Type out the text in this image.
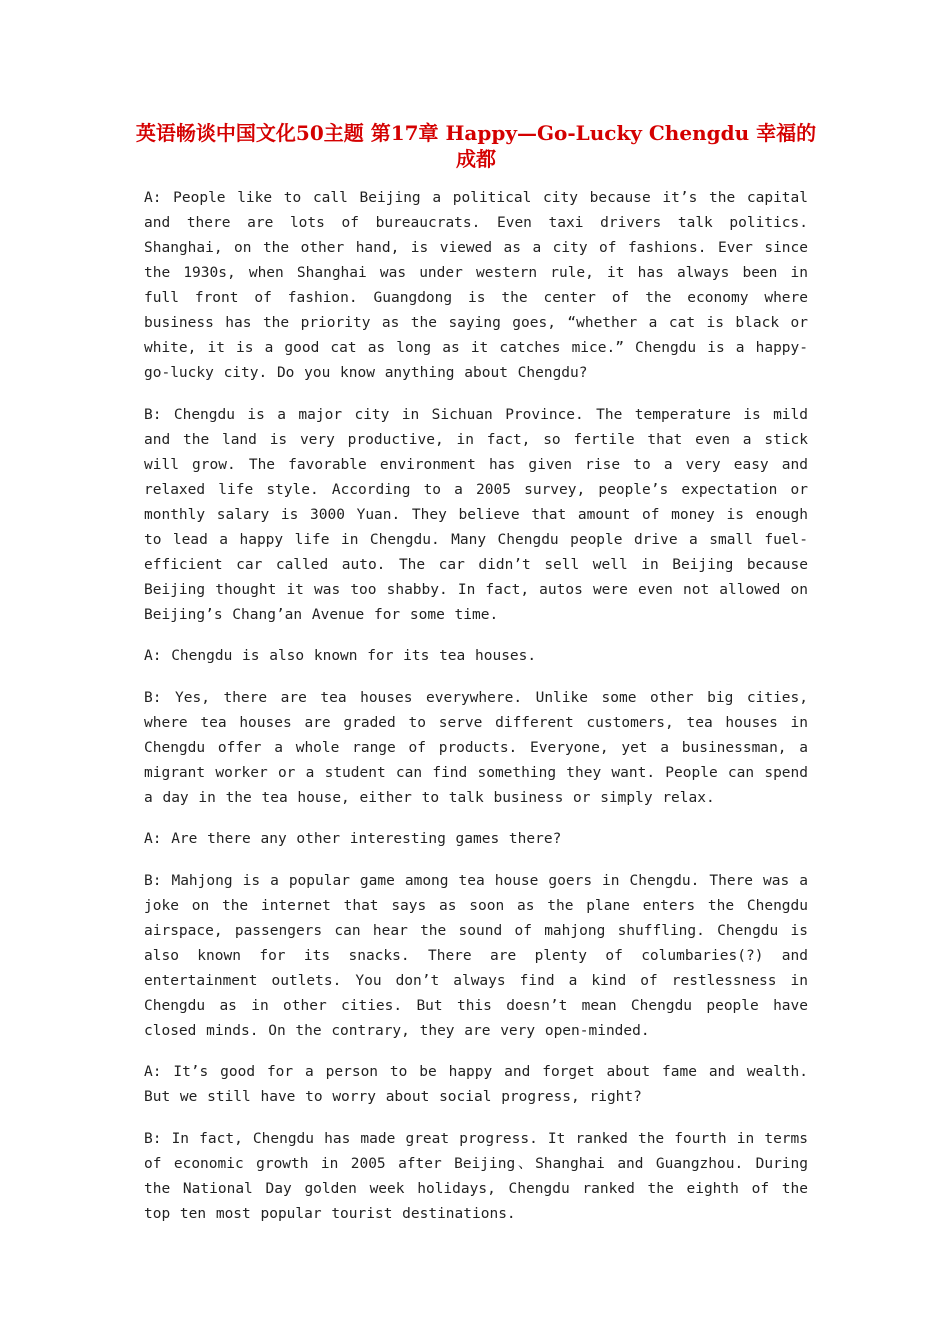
英语畅谈中国文化50主题 第17章 Happy—Go-Lucky Chengdu 幸福的成都

A: People like to call Beijing a political city because it’s the capital and there are lots of bureaucrats. Even taxi drivers talk politics. Shanghai, on the other hand, is viewed as a city of fashions. Ever since the 1930s, when Shanghai was under western rule, it has always been in full front of fashion. Guangdong is the center of the economy where business has the priority as the saying goes, “whether a cat is black or white, it is a good cat as long as it catches mice.” Chengdu is a happy-go-lucky city. Do you know anything about Chengdu?

B: Chengdu is a major city in Sichuan Province. The temperature is mild and the land is very productive, in fact, so fertile that even a stick will grow. The favorable environment has given rise to a very easy and relaxed life style. According to a 2005 survey, people’s expectation or monthly salary is 3000 Yuan. They believe that amount of money is enough to lead a happy life in Chengdu. Many Chengdu people drive a small fuel-efficient car called auto. The car didn’t sell well in Beijing because Beijing thought it was too shabby. In fact, autos were even not allowed on Beijing’s Chang’an Avenue for some time.

A: Chengdu is also known for its tea houses.

B: Yes, there are tea houses everywhere. Unlike some other big cities, where tea houses are graded to serve different customers, tea houses in Chengdu offer a whole range of products. Everyone, yet a businessman, a migrant worker or a student can find something they want. People can spend a day in the tea house, either to talk business or simply relax.

A: Are there any other interesting games there?

B: Mahjong is a popular game among tea house goers in Chengdu. There was a joke on the internet that says as soon as the plane enters the Chengdu airspace, passengers can hear the sound of mahjong shuffling. Chengdu is also known for its snacks. There are plenty of columbaries(?) and entertainment outlets. You don’t always find a kind of restlessness in Chengdu as in other cities. But this doesn’t mean Chengdu people have closed minds. On the contrary, they are very open-minded.

A: It’s good for a person to be happy and forget about fame and wealth. But we still have to worry about social progress, right?

B: In fact, Chengdu has made great progress. It ranked the fourth in terms of economic growth in 2005 after Beijing、Shanghai and Guangzhou. During the National Day golden week holidays, Chengdu ranked the eighth of the top ten most popular tourist destinations.
